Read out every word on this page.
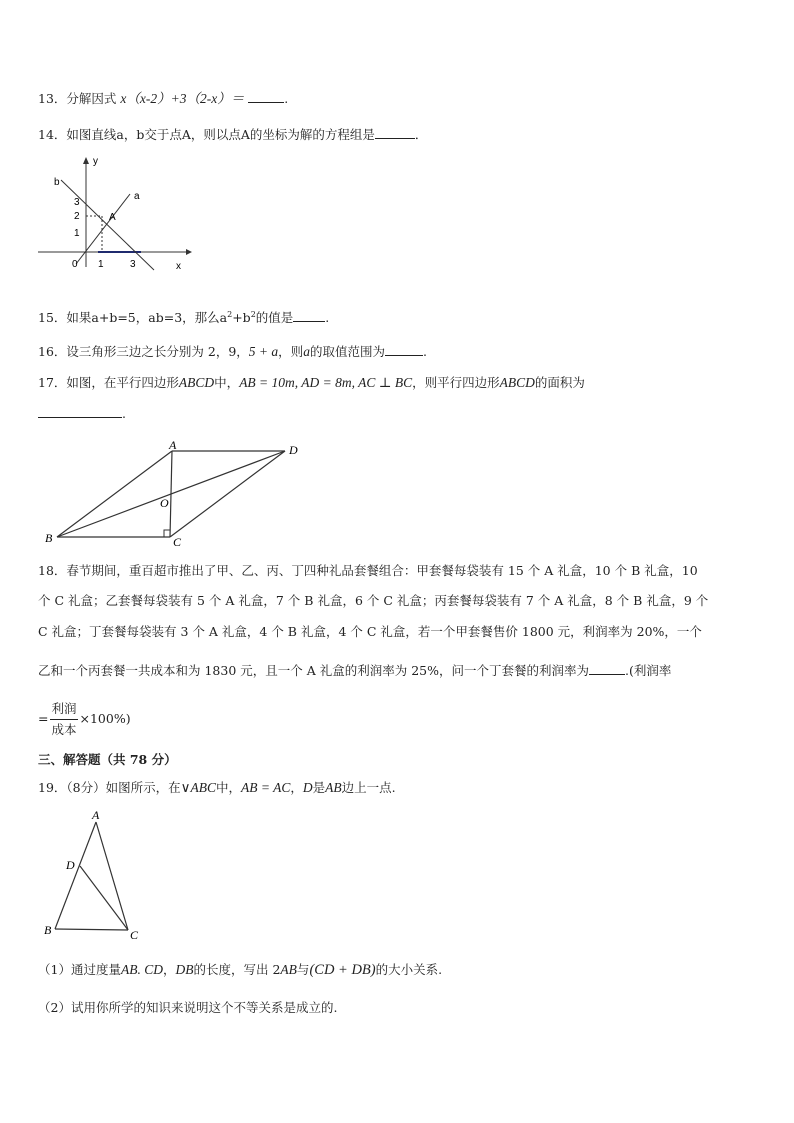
13．分解因式 x（x-2）+3（2-x）＝	.
14．如图直线a，b交于点A，则以点A的坐标为解的方程组是	．
y
x
a
b
A
3
2
1
0 1	3
15．如果a+b=5，ab=3，那么$a^2+b^2$的值是	.
16．设三角形三边之长分别为 2，9，5 + a，则a的取值范围为	.
17．如图，在平行四边形ABCD中，AB = 10m, AD = 8m, AC ⊥ BC，则平行四边形ABCD的面积为
.
A
B	C
D
O
18．春节期间，重百超市推出了甲、乙、丙、丁四种礼品套餐组合：甲套餐每袋装有 15 个 A 礼盒，10 个 B 礼盒，10
个 C 礼盒；乙套餐每袋装有 5 个 A 礼盒，7 个 B 礼盒，6 个 C 礼盒；丙套餐每袋装有 7 个 A 礼盒，8 个 B 礼盒，9 个
C 礼盒；丁套餐每袋装有 3 个 A 礼盒，4 个 B 礼盒，4 个 C 礼盒，若一个甲套餐售价 1800 元，利润率为 20%，一个
乙和一个丙套餐一共成本和为 1830 元，且一个 A 礼盒的利润率为 25%，问一个丁套餐的利润率为	.(利润率
= $\frac{\text{利润}}{\text{成本}} \times 100\%$)
三、解答题（共 78 分）
19．（8分）如图所示，在∨ABC中，AB = AC，D是AB边上一点.
A
B	C
D
（1）通过度量AB. CD，DB的长度，写出 2AB与(CD + DB)的大小关系.
（2）试用你所学的知识来说明这个不等关系是成立的.
